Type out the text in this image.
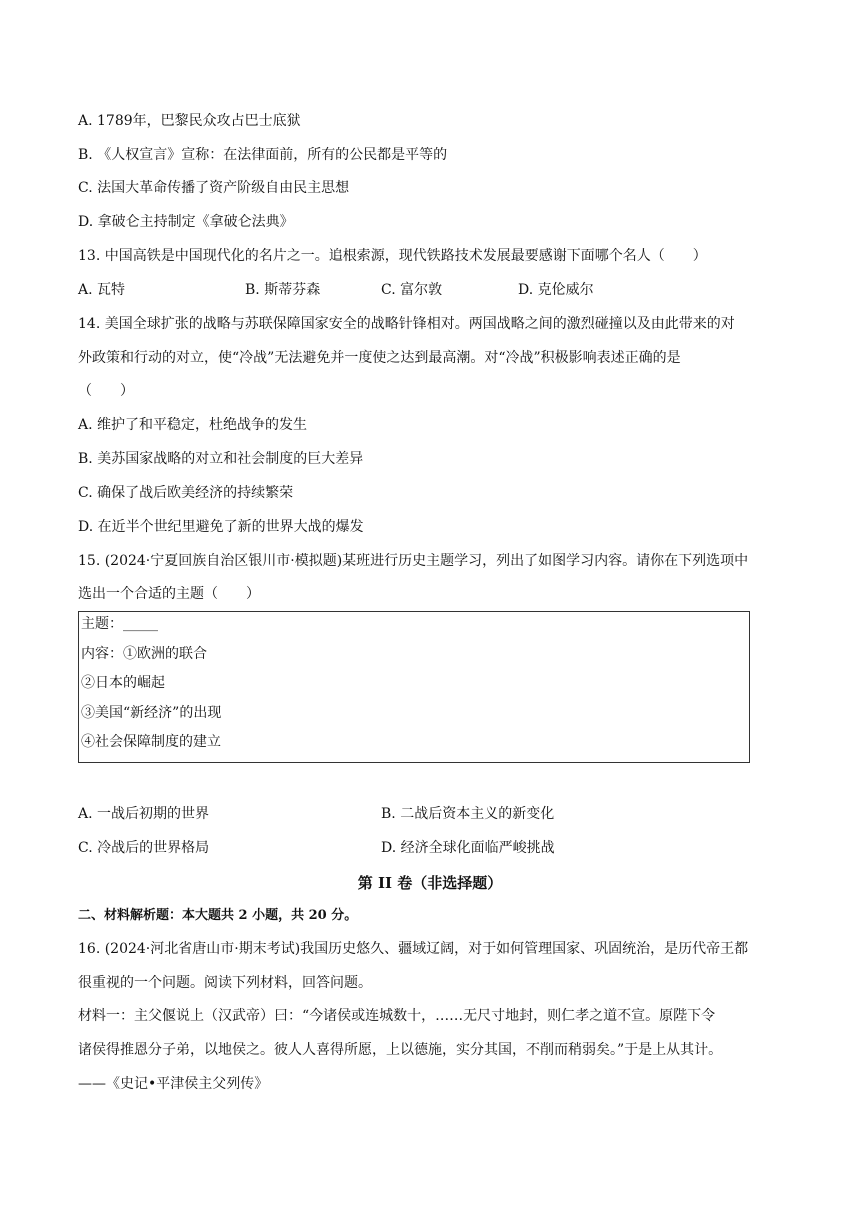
A. 1789年，巴黎民众攻占巴士底狱
B. 《人权宣言》宣称：在法律面前，所有的公民都是平等的
C. 法国大革命传播了资产阶级自由民主思想
D. 拿破仑主持制定《拿破仑法典》
13. 中国高铁是中国现代化的名片之一。追根索源，现代铁路技术发展最要感谢下面哪个名人（　　）
A. 瓦特	B. 斯蒂芬森	C. 富尔敦	D. 克伦威尔
14. 美国全球扩张的战略与苏联保障国家安全的战略针锋相对。两国战略之间的激烈碰撞以及由此带来的对
外政策和行动的对立，使“冷战”无法避免并一度使之达到最高潮。对“冷战”积极影响表述正确的是
（　　）
A. 维护了和平稳定，杜绝战争的发生
B. 美苏国家战略的对立和社会制度的巨大差异
C. 确保了战后欧美经济的持续繁荣
D. 在近半个世纪里避免了新的世界大战的爆发
15. (2024·宁夏回族自治区银川市·模拟题)某班进行历史主题学习，列出了如图学习内容。请你在下列选项中
选出一个合适的主题（　　）
主题：_____
内容：①欧洲的联合
②日本的崛起
③美国“新经济”的出现
④社会保障制度的建立
A. 一战后初期的世界	B. 二战后资本主义的新变化
C. 冷战后的世界格局	D. 经济全球化面临严峻挑战
第 II 卷（非选择题）
二、材料解析题：本大题共 2 小题，共 20 分。
16. (2024·河北省唐山市·期末考试)我国历史悠久、疆域辽阔，对于如何管理国家、巩固统治，是历代帝王都
很重视的一个问题。阅读下列材料，回答问题。
材料一：主父偃说上（汉武帝）曰：“今诸侯或连城数十，……无尺寸地封，则仁孝之道不宣。原陛下令
诸侯得推恩分子弟，以地侯之。彼人人喜得所愿，上以德施，实分其国，不削而稍弱矣。”于是上从其计。
——《史记•平津侯主父列传》
